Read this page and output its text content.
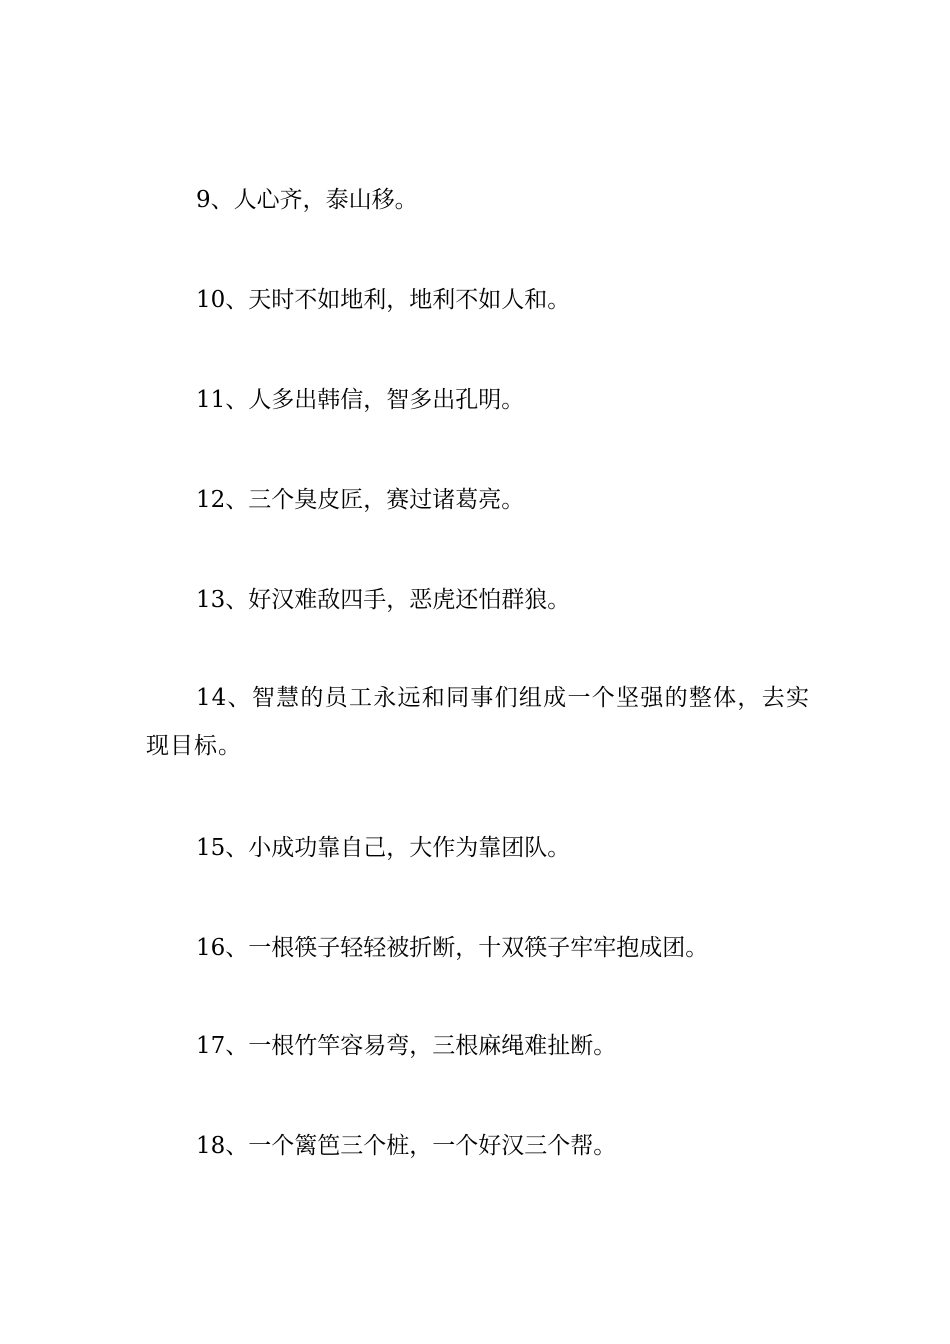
9、人心齐，泰山移。

10、天时不如地利，地利不如人和。

11、人多出韩信，智多出孔明。

12、三个臭皮匠，赛过诸葛亮。

13、好汉难敌四手，恶虎还怕群狼。

14、智慧的员工永远和同事们组成一个坚强的整体，去实现目标。

15、小成功靠自己，大作为靠团队。

16、一根筷子轻轻被折断，十双筷子牢牢抱成团。

17、一根竹竿容易弯，三根麻绳难扯断。

18、一个篱笆三个桩，一个好汉三个帮。
